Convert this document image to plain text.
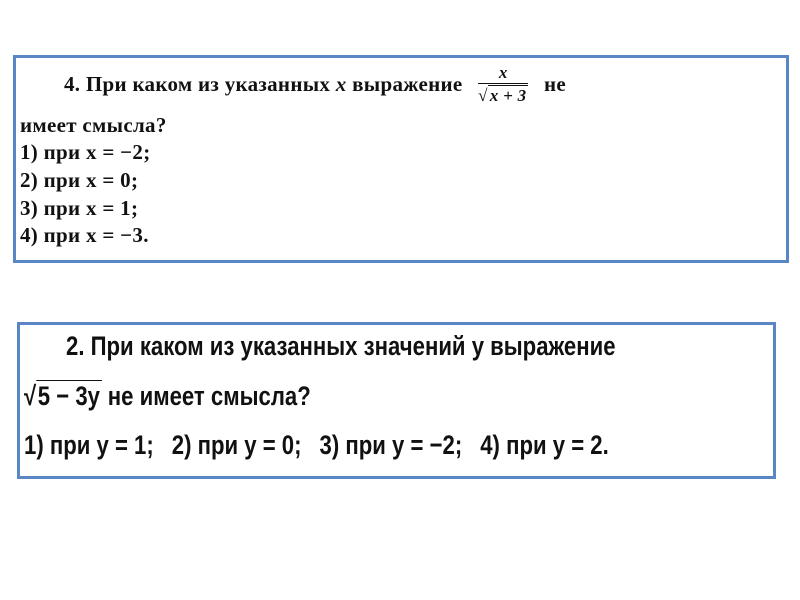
4. При каком из указанных x выражение $\frac{x}{√ x + 3}$ не
имеет смысла?
1) при x = −2;
2) при x = 0;
3) при x = 1;
4) при x = −3.
2. При каком из указанных значений y выражение
√5 − 3y не имеет смысла?
1) при y = 1; 2) при y = 0; 3) при y = −2; 4) при y = 2.
